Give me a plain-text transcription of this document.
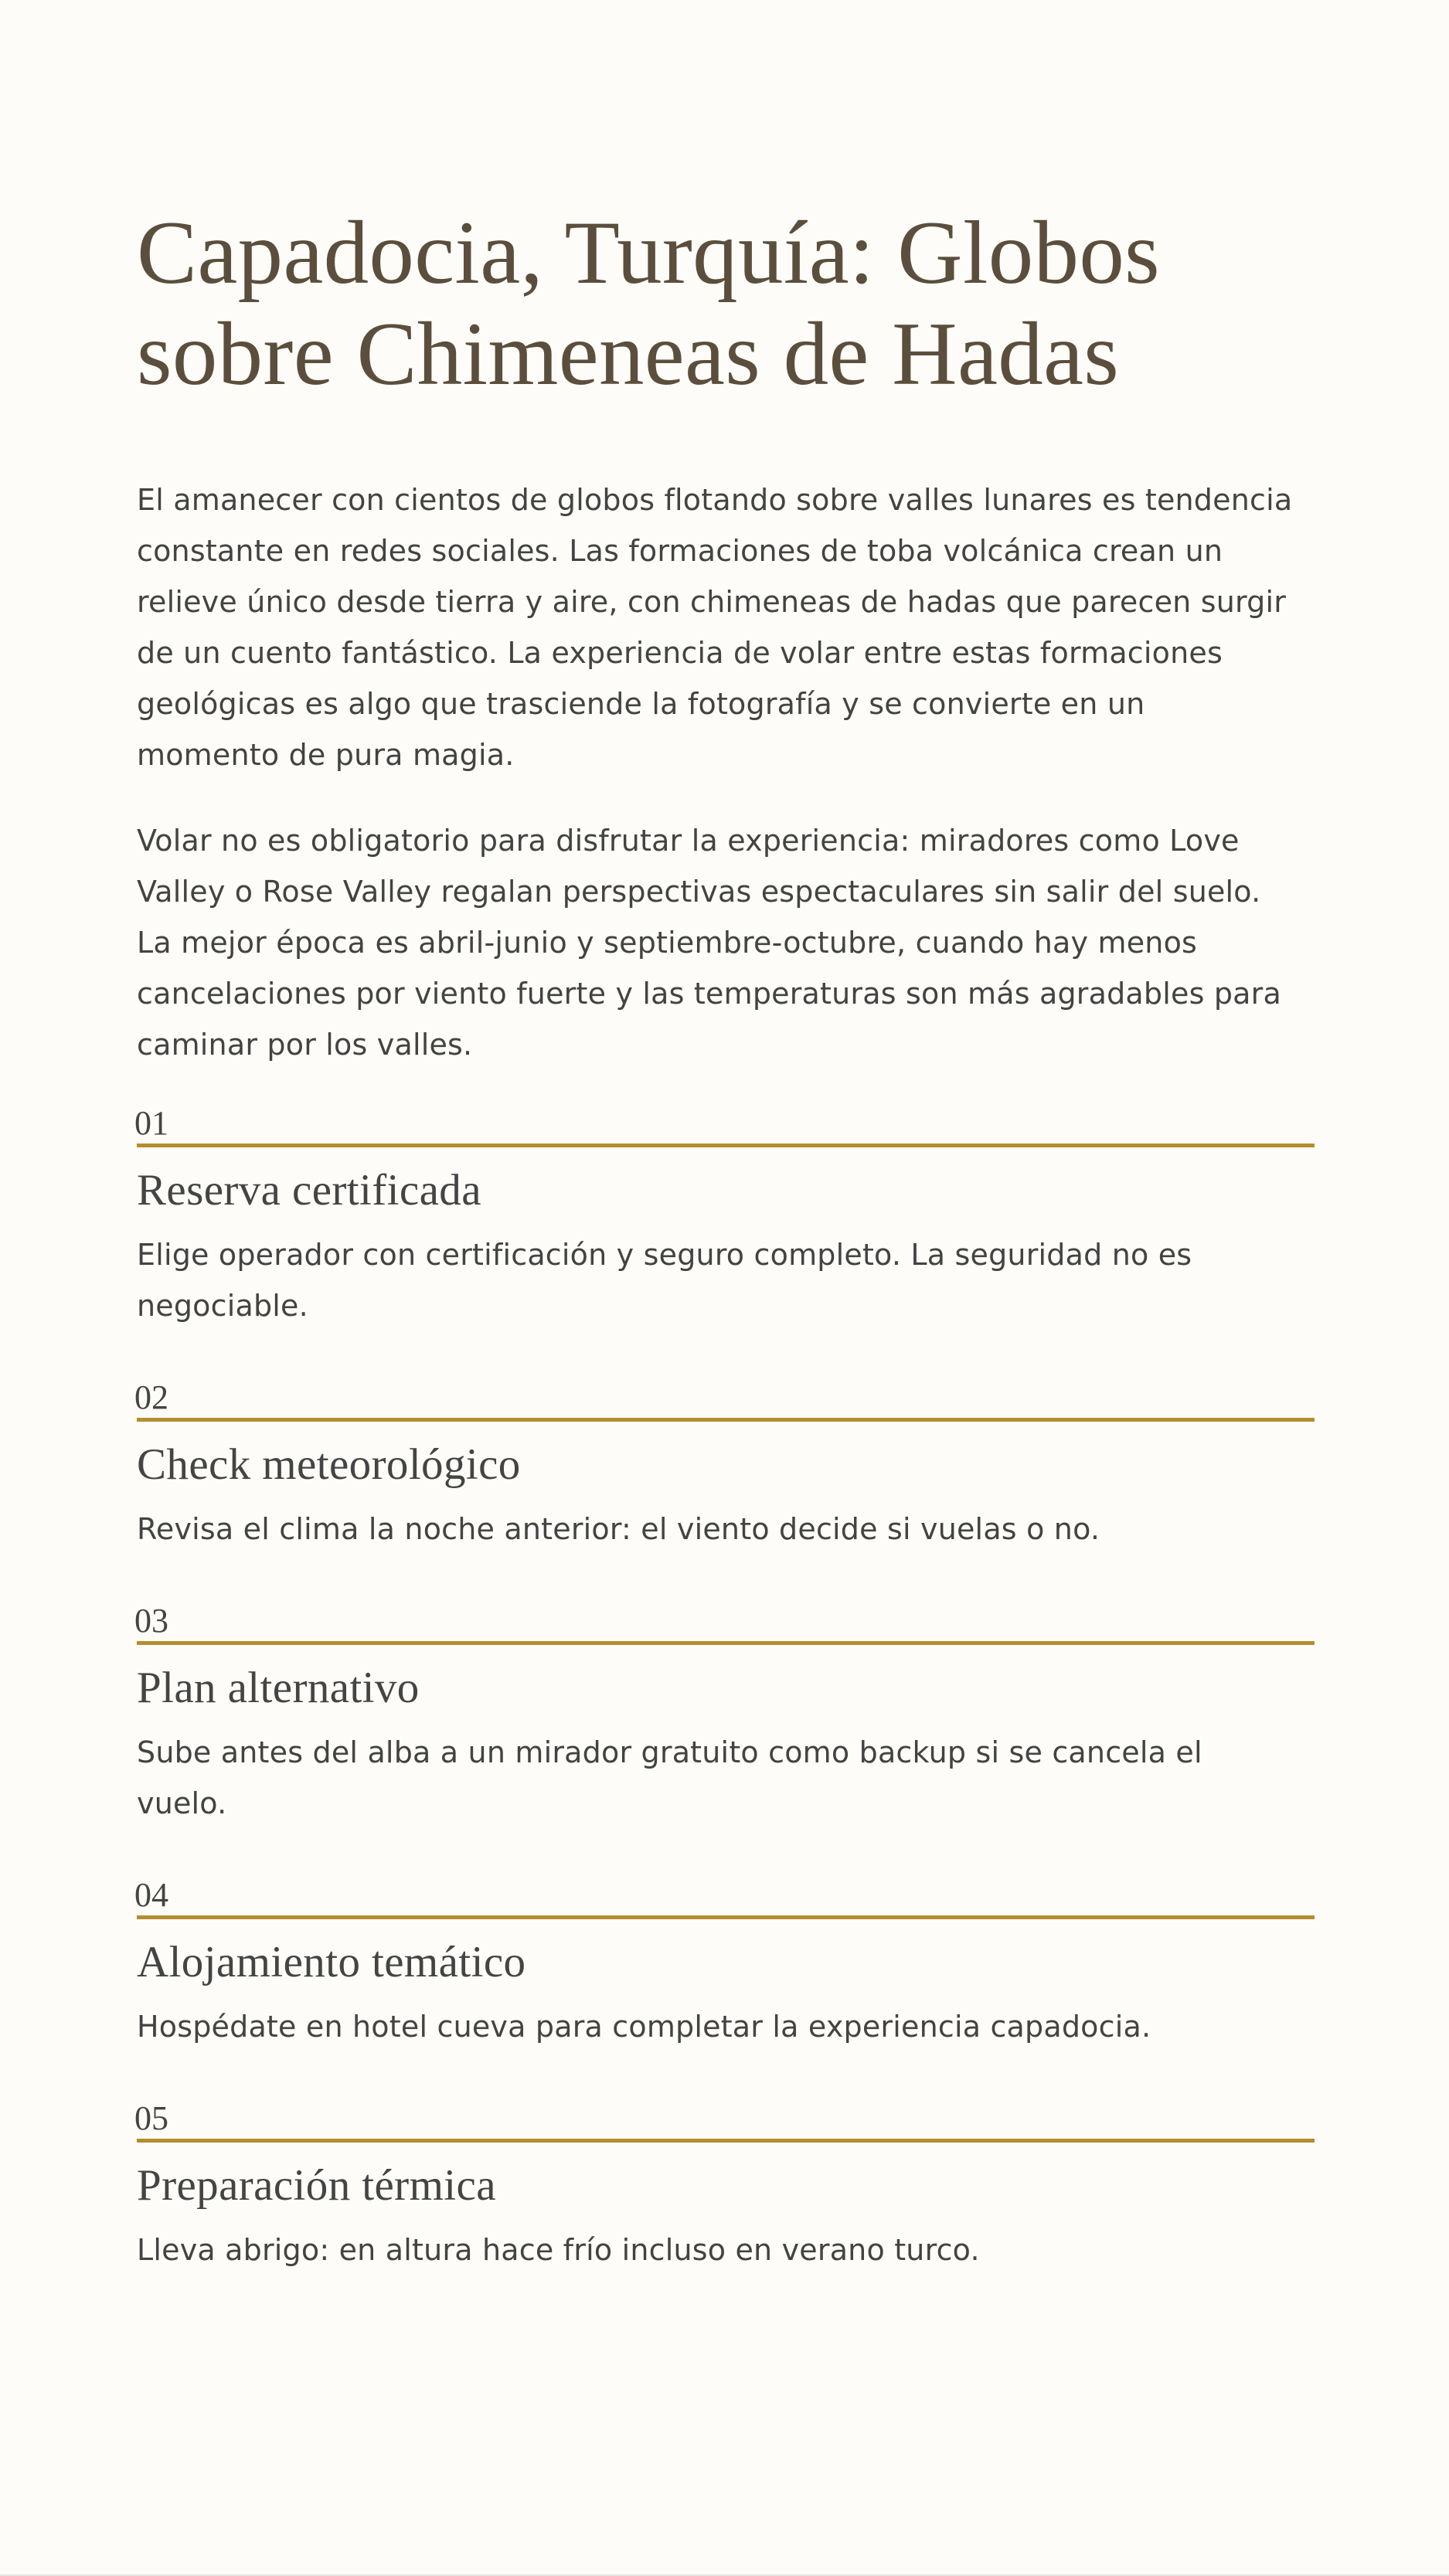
Capadocia, Turquía: Globos sobre Chimeneas de Hadas

El amanecer con cientos de globos flotando sobre valles lunares es tendencia constante en redes sociales. Las formaciones de toba volcánica crean un relieve único desde tierra y aire, con chimeneas de hadas que parecen surgir de un cuento fantástico. La experiencia de volar entre estas formaciones geológicas es algo que trasciende la fotografía y se convierte en un momento de pura magia.

Volar no es obligatorio para disfrutar la experiencia: miradores como Love Valley o Rose Valley regalan perspectivas espectaculares sin salir del suelo. La mejor época es abril-junio y septiembre-octubre, cuando hay menos cancelaciones por viento fuerte y las temperaturas son más agradables para caminar por los valles.

01
Reserva certificada
Elige operador con certificación y seguro completo. La seguridad no es negociable.
02
Check meteorológico
Revisa el clima la noche anterior: el viento decide si vuelas o no.
03
Plan alternativo
Sube antes del alba a un mirador gratuito como backup si se cancela el vuelo.
04
Alojamiento temático
Hospédate en hotel cueva para completar la experiencia capadocia.
05
Preparación térmica
Lleva abrigo: en altura hace frío incluso en verano turco.
